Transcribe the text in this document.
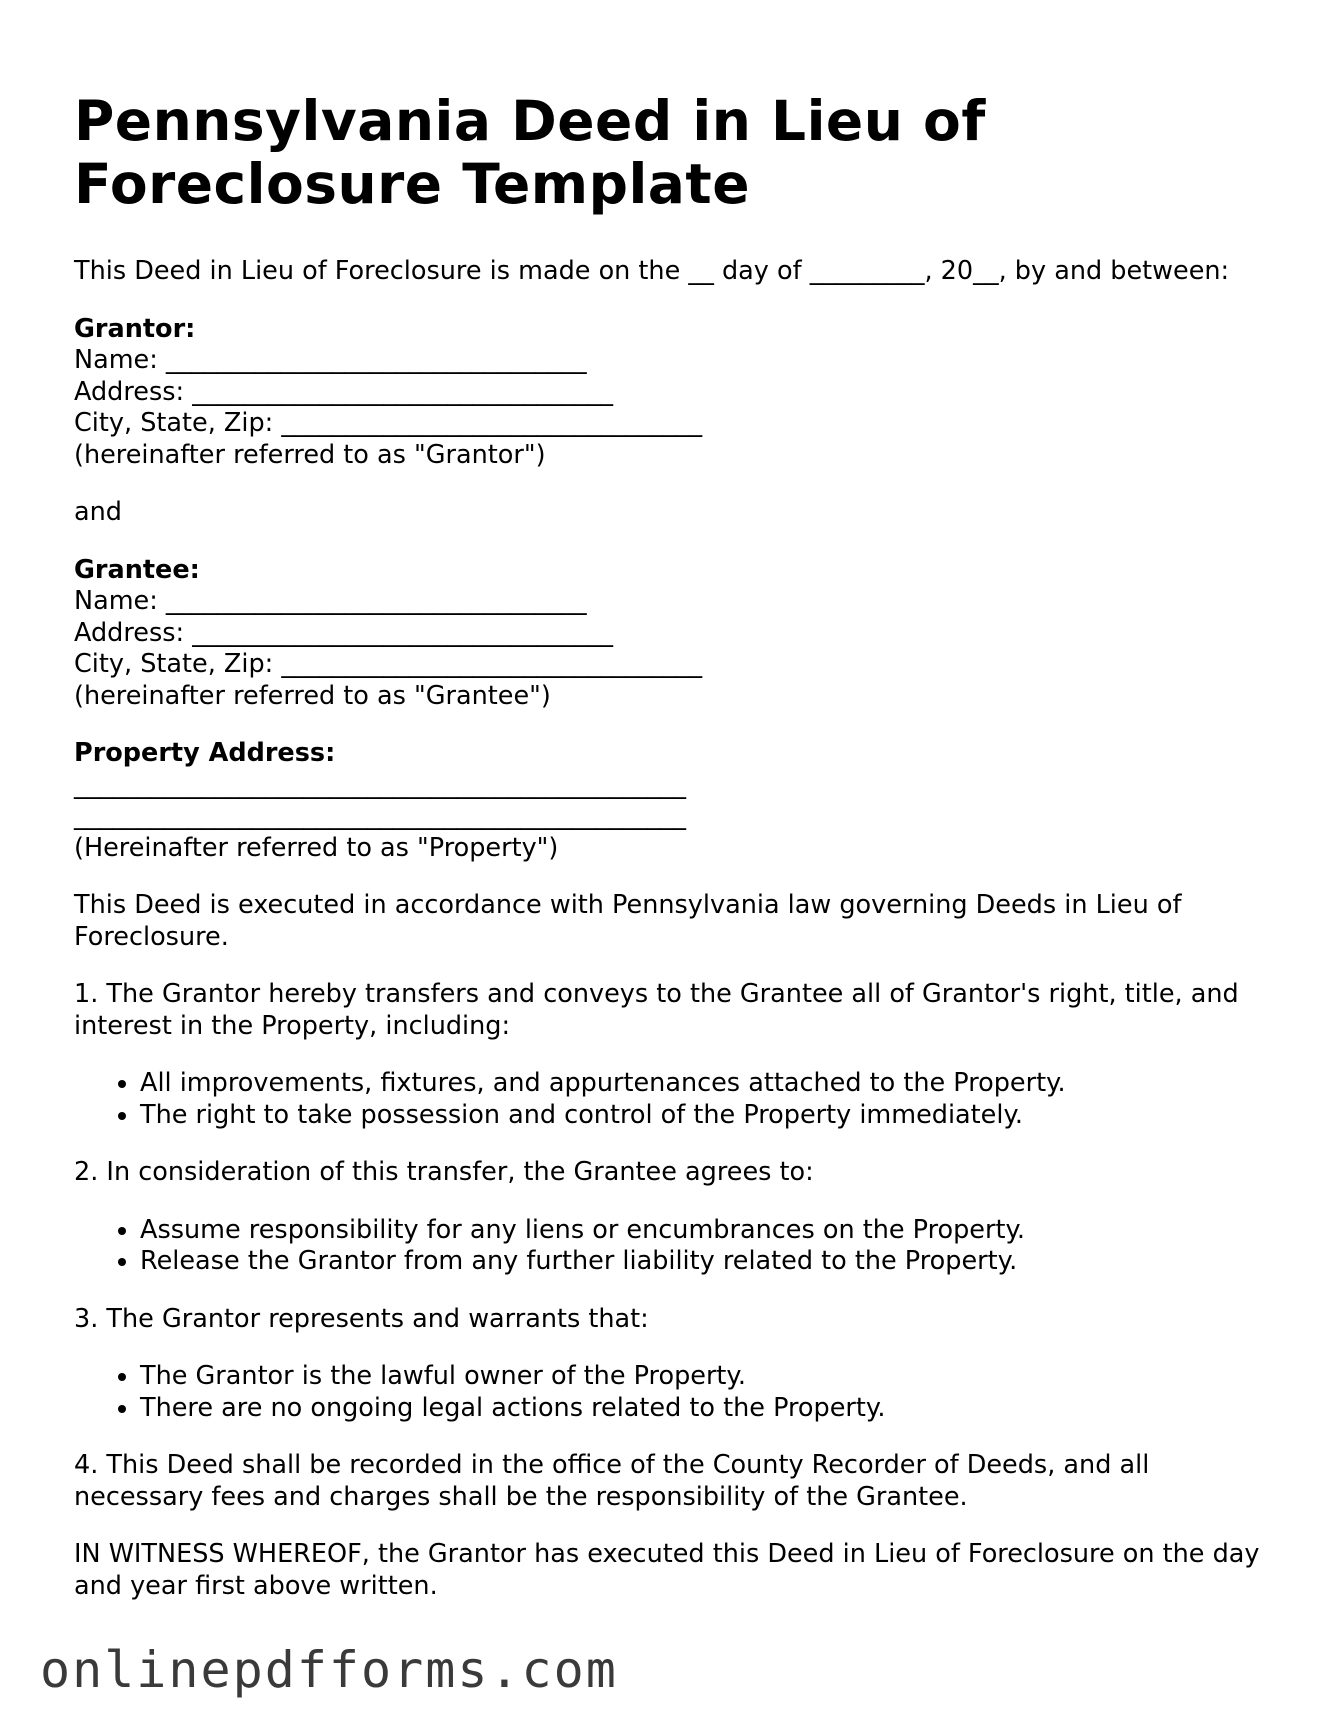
Pennsylvania Deed in Lieu of Foreclosure Template

This Deed in Lieu of Foreclosure is made on the __ day of _________, 20__, by and between:

Grantor:
Name: _________________________________
Address: _________________________________
City, State, Zip: _________________________________
(hereinafter referred to as "Grantor")

and

Grantee:
Name: _________________________________
Address: _________________________________
City, State, Zip: _________________________________
(hereinafter referred to as "Grantee")
Property Address:
________________________________________________
________________________________________________
(Hereinafter referred to as "Property")

This Deed is executed in accordance with Pennsylvania law governing Deeds in Lieu of Foreclosure.

1. The Grantor hereby transfers and conveys to the Grantee all of Grantor's right, title, and interest in the Property, including:

• All improvements, fixtures, and appurtenances attached to the Property.
• The right to take possession and control of the Property immediately.

2. In consideration of this transfer, the Grantee agrees to:

• Assume responsibility for any liens or encumbrances on the Property.
• Release the Grantor from any further liability related to the Property.

3. The Grantor represents and warrants that:

• The Grantor is the lawful owner of the Property.
• There are no ongoing legal actions related to the Property.

4. This Deed shall be recorded in the office of the County Recorder of Deeds, and all necessary fees and charges shall be the responsibility of the Grantee.

IN WITNESS WHEREOF, the Grantor has executed this Deed in Lieu of Foreclosure on the day and year first above written.

onlinepdfforms.com
